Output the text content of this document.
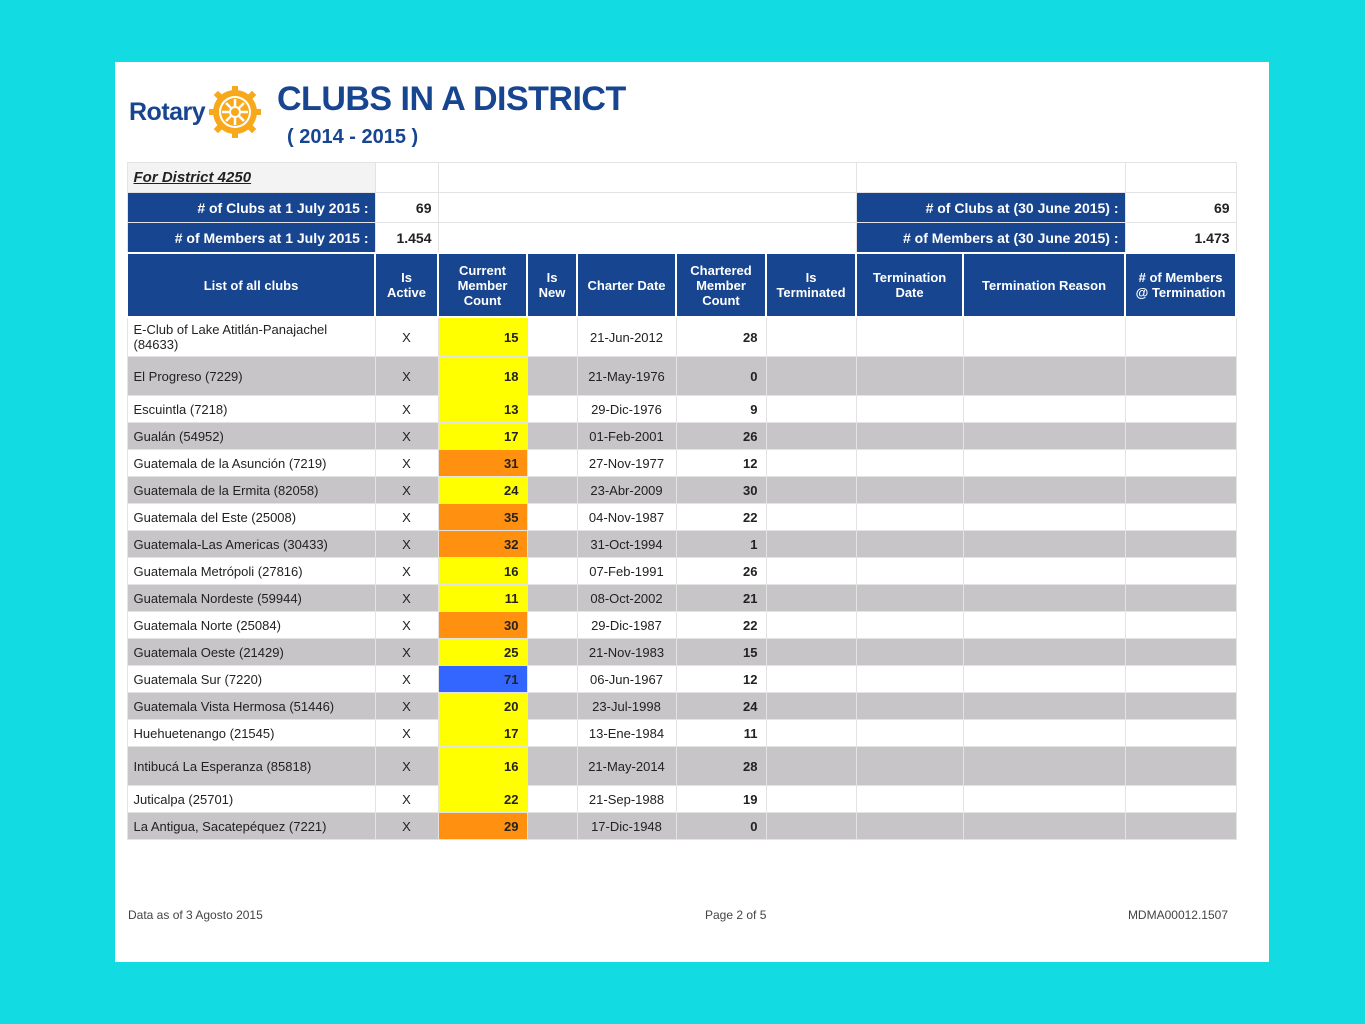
Rotary CLUBS IN A DISTRICT
( 2014 - 2015 )
For District 4250									
# of Clubs at 1 July 2015 :	69						# of Clubs at (30 June 2015) :		69
# of Members at 1 July 2015 :	1.454						# of Members at (30 June 2015) :		1.473
List of all clubs	Is Active	Current Member Count	Is New	Charter Date	Chartered Member Count	Is Terminated	Termination Date	Termination Reason	# of Members @ Termination
E-Club of Lake Atitlán-Panajachel (84633)	X	15		21-Jun-2012	28				
El Progreso (7229)	X	18		21-May-1976	0				
Escuintla (7218)	X	13		29-Dic-1976	9				
Gualán (54952)	X	17		01-Feb-2001	26				
Guatemala de la Asunción (7219)	X	31		27-Nov-1977	12				
Guatemala de la Ermita (82058)	X	24		23-Abr-2009	30				
Guatemala del Este (25008)	X	35		04-Nov-1987	22				
Guatemala-Las Americas (30433)	X	32		31-Oct-1994	1				
Guatemala Metrópoli (27816)	X	16		07-Feb-1991	26				
Guatemala Nordeste (59944)	X	11		08-Oct-2002	21				
Guatemala Norte (25084)	X	30		29-Dic-1987	22				
Guatemala Oeste (21429)	X	25		21-Nov-1983	15				
Guatemala Sur (7220)	X	71		06-Jun-1967	12				
Guatemala Vista Hermosa (51446)	X	20		23-Jul-1998	24				
Huehuetenango (21545)	X	17		13-Ene-1984	11				
Intibucá La Esperanza (85818)	X	16		21-May-2014	28				
Juticalpa (25701)	X	22		21-Sep-1988	19				
La Antigua, Sacatepéquez (7221)	X	29		17-Dic-1948	0				
Data as of 3 Agosto 2015	Page 2 of 5	MDMA00012.1507
